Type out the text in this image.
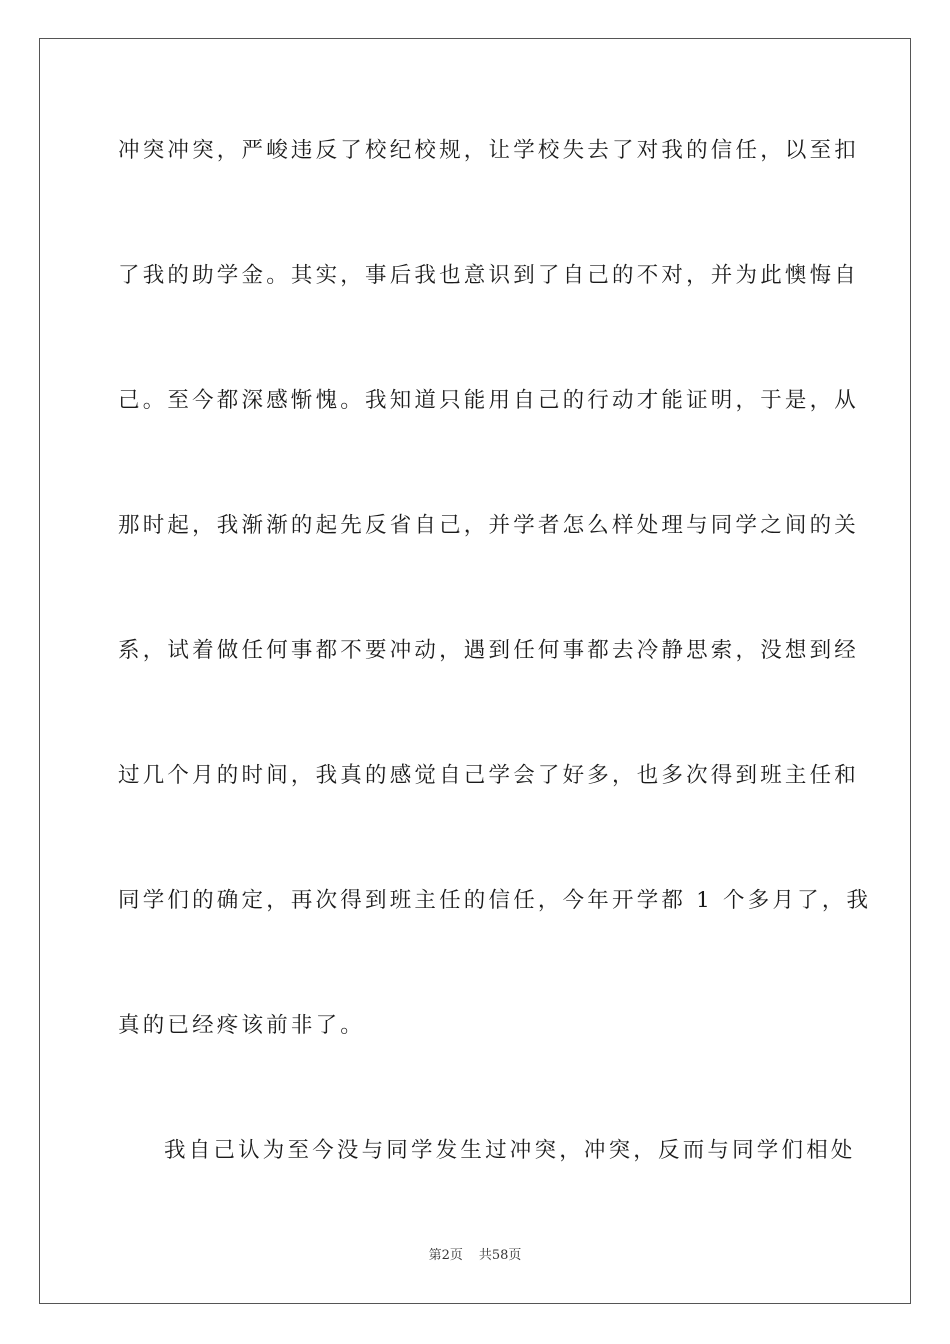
冲突冲突，严峻违反了校纪校规，让学校失去了对我的信任，以至扣
了我的助学金。其实，事后我也意识到了自己的不对，并为此懊悔自
己。至今都深感惭愧。我知道只能用自己的行动才能证明，于是，从
那时起，我渐渐的起先反省自己，并学者怎么样处理与同学之间的关
系，试着做任何事都不要冲动，遇到任何事都去冷静思索，没想到经
过几个月的时间，我真的感觉自己学会了好多，也多次得到班主任和
同学们的确定，再次得到班主任的信任，今年开学都 1 个多月了，我
真的已经疼该前非了。
我自己认为至今没与同学发生过冲突，冲突，反而与同学们相处
第2页 共58页
